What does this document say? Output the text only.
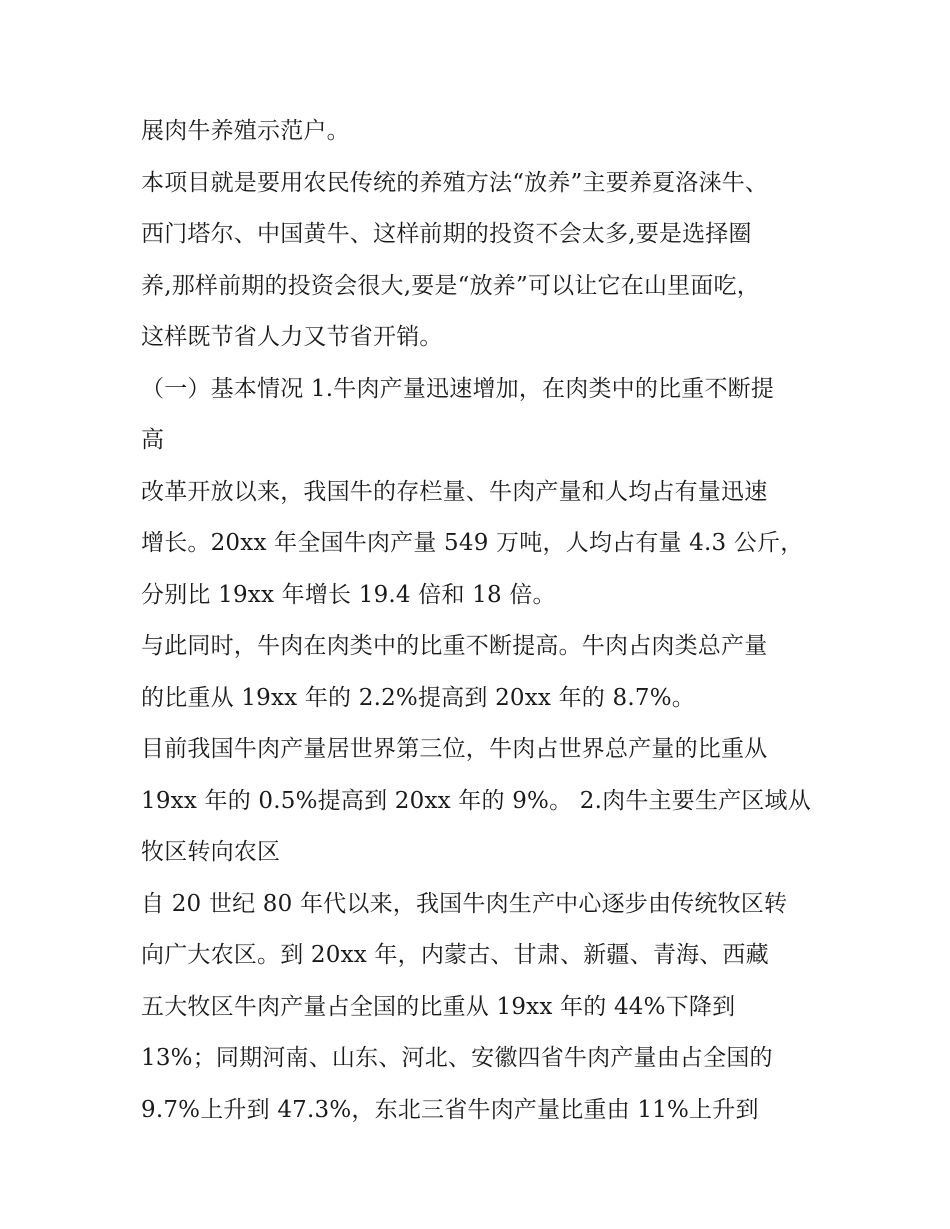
展肉牛养殖示范户。
本项目就是要用农民传统的养殖方法“放养”主要养夏洛涞牛、
西门塔尔、中国黄牛、这样前期的投资不会太多,要是选择圈
养,那样前期的投资会很大,要是“放养”可以让它在山里面吃，
这样既节省人力又节省开销。
（一）基本情况 1.牛肉产量迅速增加，在肉类中的比重不断提
高
改革开放以来，我国牛的存栏量、牛肉产量和人均占有量迅速
增长。20xx 年全国牛肉产量 549 万吨，人均占有量 4.3 公斤，
分别比 19xx 年增长 19.4 倍和 18 倍。
与此同时，牛肉在肉类中的比重不断提高。牛肉占肉类总产量
的比重从 19xx 年的 2.2%提高到 20xx 年的 8.7%。
目前我国牛肉产量居世界第三位，牛肉占世界总产量的比重从
19xx 年的 0.5%提高到 20xx 年的 9%。 2.肉牛主要生产区域从
牧区转向农区
自 20 世纪 80 年代以来，我国牛肉生产中心逐步由传统牧区转
向广大农区。到 20xx 年，内蒙古、甘肃、新疆、青海、西藏
五大牧区牛肉产量占全国的比重从 19xx 年的 44%下降到
13%；同期河南、山东、河北、安徽四省牛肉产量由占全国的
9.7%上升到 47.3%，东北三省牛肉产量比重由 11%上升到
